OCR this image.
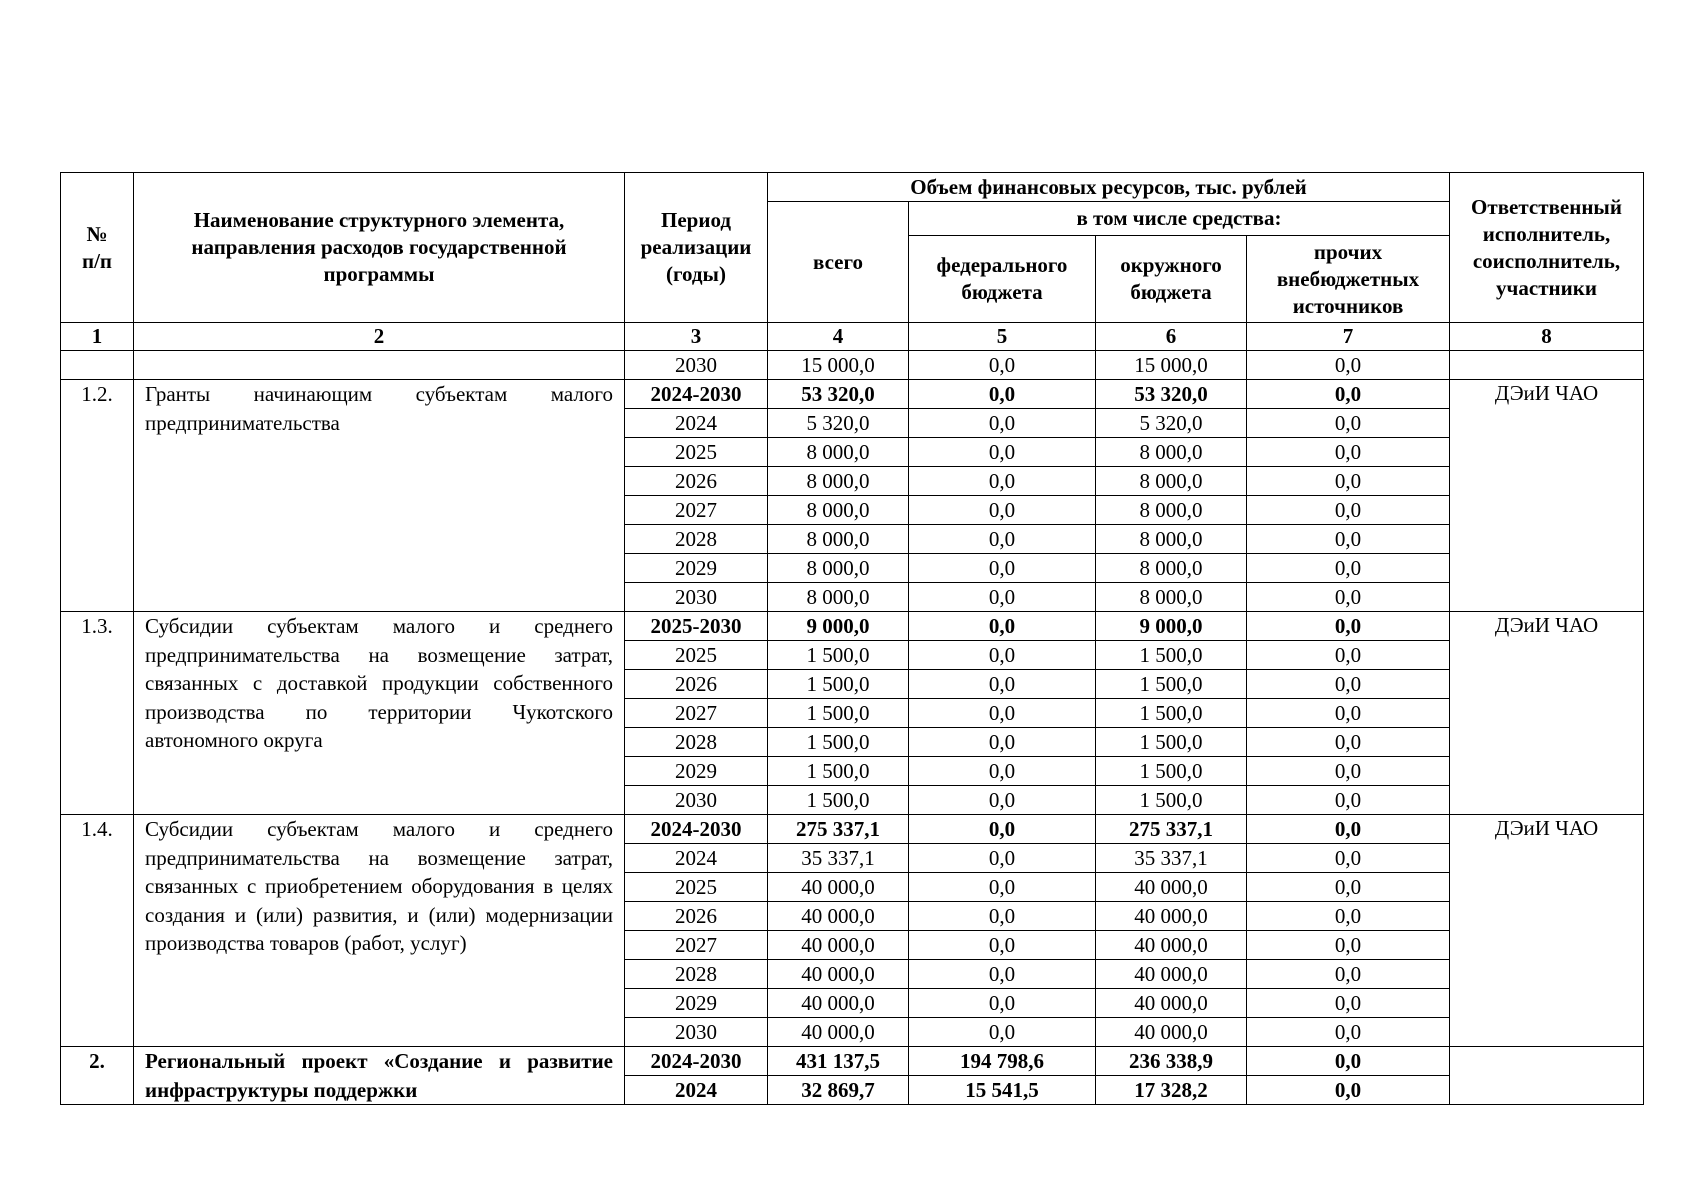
№ п/п	Наименование структурного элемента, направления расходов государственной программы	Период реализации (годы)	Объем финансовых ресурсов, тыс. рублей				Ответственный исполнитель, соисполнитель, участники
			всего	в том числе средства:			
				федерального бюджета	окружного бюджета	прочих внебюджетных источников	
1	2	3	4	5	6	7	8
		2030	15 000,0	0,0	15 000,0	0,0	
1.2.	Гранты начинающим субъектам малого предпринимательства	2024-2030	53 320,0	0,0	53 320,0	0,0	ДЭиИ ЧАО
		2024	5 320,0	0,0	5 320,0	0,0	
		2025	8 000,0	0,0	8 000,0	0,0	
		2026	8 000,0	0,0	8 000,0	0,0	
		2027	8 000,0	0,0	8 000,0	0,0	
		2028	8 000,0	0,0	8 000,0	0,0	
		2029	8 000,0	0,0	8 000,0	0,0	
		2030	8 000,0	0,0	8 000,0	0,0	
1.3.	Субсидии субъектам малого и среднего предпринимательства на возмещение затрат, связанных с доставкой продукции собственного производства по территории Чукотского автономного округа	2025-2030	9 000,0	0,0	9 000,0	0,0	ДЭиИ ЧАО
		2025	1 500,0	0,0	1 500,0	0,0	
		2026	1 500,0	0,0	1 500,0	0,0	
		2027	1 500,0	0,0	1 500,0	0,0	
		2028	1 500,0	0,0	1 500,0	0,0	
		2029	1 500,0	0,0	1 500,0	0,0	
		2030	1 500,0	0,0	1 500,0	0,0	
1.4.	Субсидии субъектам малого и среднего предпринимательства на возмещение затрат, связанных с приобретением оборудования в целях создания и (или) развития, и (или) модернизации производства товаров (работ, услуг)	2024-2030	275 337,1	0,0	275 337,1	0,0	ДЭиИ ЧАО
		2024	35 337,1	0,0	35 337,1	0,0	
		2025	40 000,0	0,0	40 000,0	0,0	
		2026	40 000,0	0,0	40 000,0	0,0	
		2027	40 000,0	0,0	40 000,0	0,0	
		2028	40 000,0	0,0	40 000,0	0,0	
		2029	40 000,0	0,0	40 000,0	0,0	
		2030	40 000,0	0,0	40 000,0	0,0	
2.	Региональный проект «Создание и развитие инфраструктуры поддержки	2024-2030	431 137,5	194 798,6	236 338,9	0,0	
		2024	32 869,7	15 541,5	17 328,2	0,0	
